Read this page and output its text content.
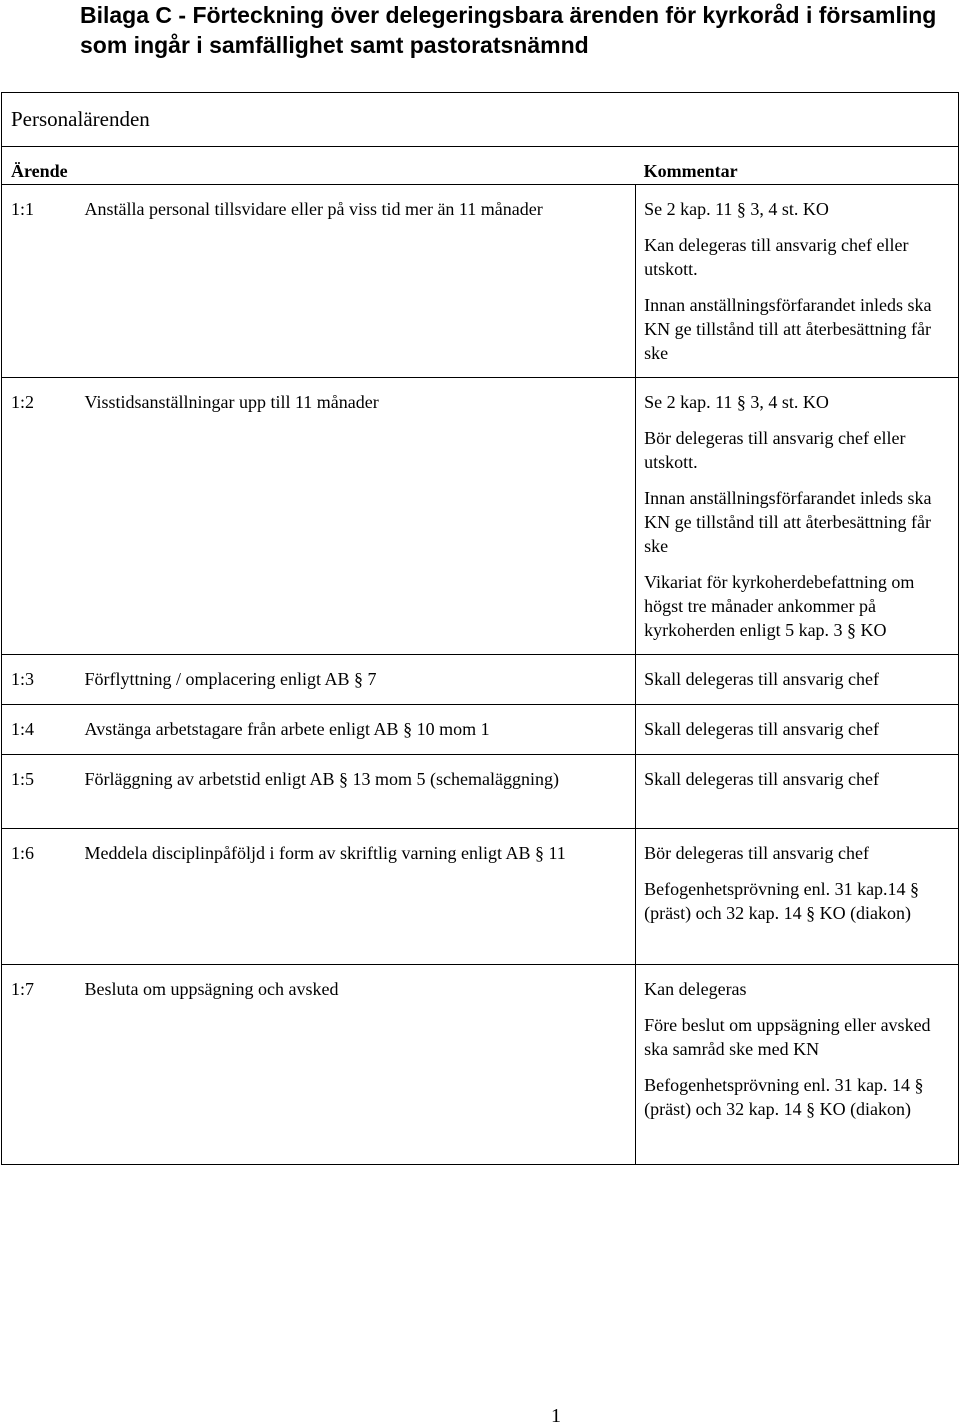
Bilaga C - Förteckning över delegeringsbara ärenden för kyrkoråd i församling som ingår i samfällighet samt pastoratsnämnd
Personalärenden		
Ärende		Kommentar
1:1	Anställa personal tillsvidare eller på viss tid mer än 11 månader	Se 2 kap. 11 § 3, 4 st. KO

Kan delegeras till ansvarig chef eller utskott.

Innan anställningsförfarandet inleds ska KN ge tillstånd till att återbesättning får ske

1:2	Visstidsanställningar upp till 11 månader	Se 2 kap. 11 § 3, 4 st. KO

Bör delegeras till ansvarig chef eller utskott.

Innan anställningsförfarandet inleds ska KN ge tillstånd till att återbesättning får ske

Vikariat för kyrkoherdebefattning om högst tre månader ankommer på kyrkoherden enligt 5 kap. 3 § KO

1:3	Förflyttning / omplacering enligt AB § 7	Skall delegeras till ansvarig chef

1:4	Avstänga arbetstagare från arbete enligt AB § 10 mom 1	Skall delegeras till ansvarig chef

1:5	Förläggning av arbetstid enligt AB § 13 mom 5 (schemaläggning)	Skall delegeras till ansvarig chef

1:6	Meddela disciplinpåföljd i form av skriftlig varning enligt AB § 11	Bör delegeras till ansvarig chef

Befogenhetsprövning enl. 31 kap.14 § (präst) och 32 kap. 14 § KO (diakon)

1:7	Besluta om uppsägning och avsked	Kan delegeras

Före beslut om uppsägning eller avsked ska samråd ske med KN

Befogenhetsprövning enl. 31 kap. 14 § (präst) och 32 kap. 14 § KO (diakon)

1
